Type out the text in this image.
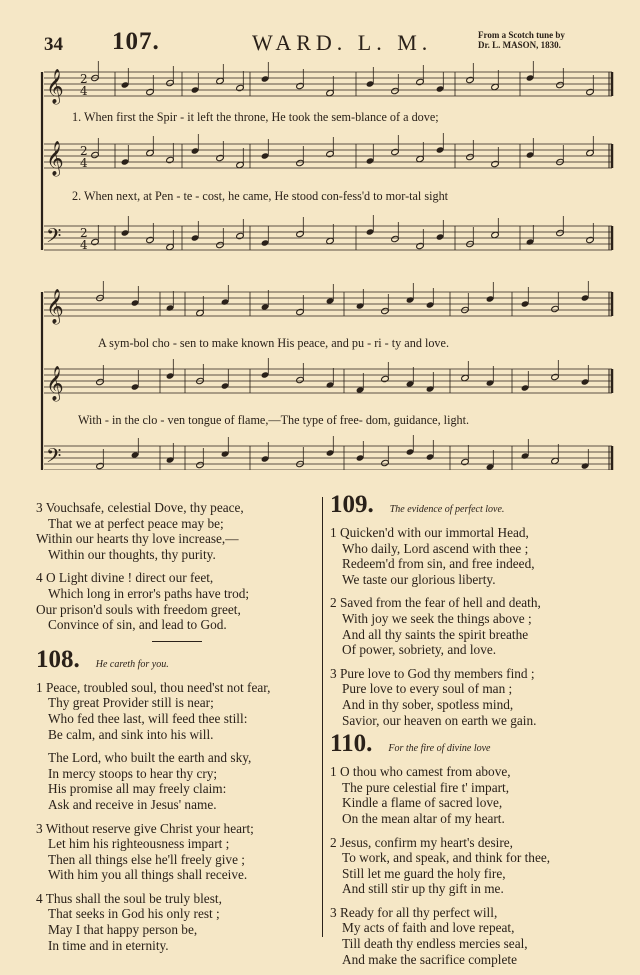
34 107.	WARD. L. M.	From a Scotch tune by
Dr. L. MASON, 1830.
𝄞
𝄞
𝄞
𝄞
𝄢
𝄢
2
4
2
4
2
4
1. When first the Spir - it left the throne, He took the sem-blance of a dove;
2. When next, at Pen - te - cost, he came, He stood con-fess'd to mor-tal sight
A sym-bol cho - sen to make known His peace, and pu - ri - ty and love.
With - in the clo - ven tongue of flame,—The type of free- dom, guidance, light.
3 Vouchsafe, celestial Dove, thy peace,
That we at perfect peace may be;
Within our hearts thy love increase,—
Within our thoughts, thy purity.
4 O Light divine ! direct our feet,
Which long in error's paths have trod;
Our prison'd souls with freedom greet,
Convince of sin, and lead to God.
108. He careth for you.
1 Peace, troubled soul, thou need'st not fear,
Thy great Provider still is near;
Who fed thee last, will feed thee still:
Be calm, and sink into his will.
The Lord, who built the earth and sky,
In mercy stoops to hear thy cry;
His promise all may freely claim:
Ask and receive in Jesus' name.
3 Without reserve give Christ your heart;
Let him his righteousness impart ;
Then all things else he'll freely give ;
With him you all things shall receive.
4 Thus shall the soul be truly blest,
That seeks in God his only rest ;
May I that happy person be,
In time and in eternity.
109. The evidence of perfect love.
1 Quicken'd with our immortal Head,
Who daily, Lord ascend with thee ;
Redeem'd from sin, and free indeed,
We taste our glorious liberty.
2 Saved from the fear of hell and death,
With joy we seek the things above ;
And all thy saints the spirit breathe
Of power, sobriety, and love.
3 Pure love to God thy members find ;
Pure love to every soul of man ;
And in thy sober, spotless mind,
Savior, our heaven on earth we gain.
110. For the fire of divine love
1 O thou who camest from above,
The pure celestial fire t' impart,
Kindle a flame of sacred love,
On the mean altar of my heart.
2 Jesus, confirm my heart's desire,
To work, and speak, and think for thee,
Still let me guard the holy fire,
And still stir up thy gift in me.
3 Ready for all thy perfect will,
My acts of faith and love repeat,
Till death thy endless mercies seal,
And make the sacrifice complete
